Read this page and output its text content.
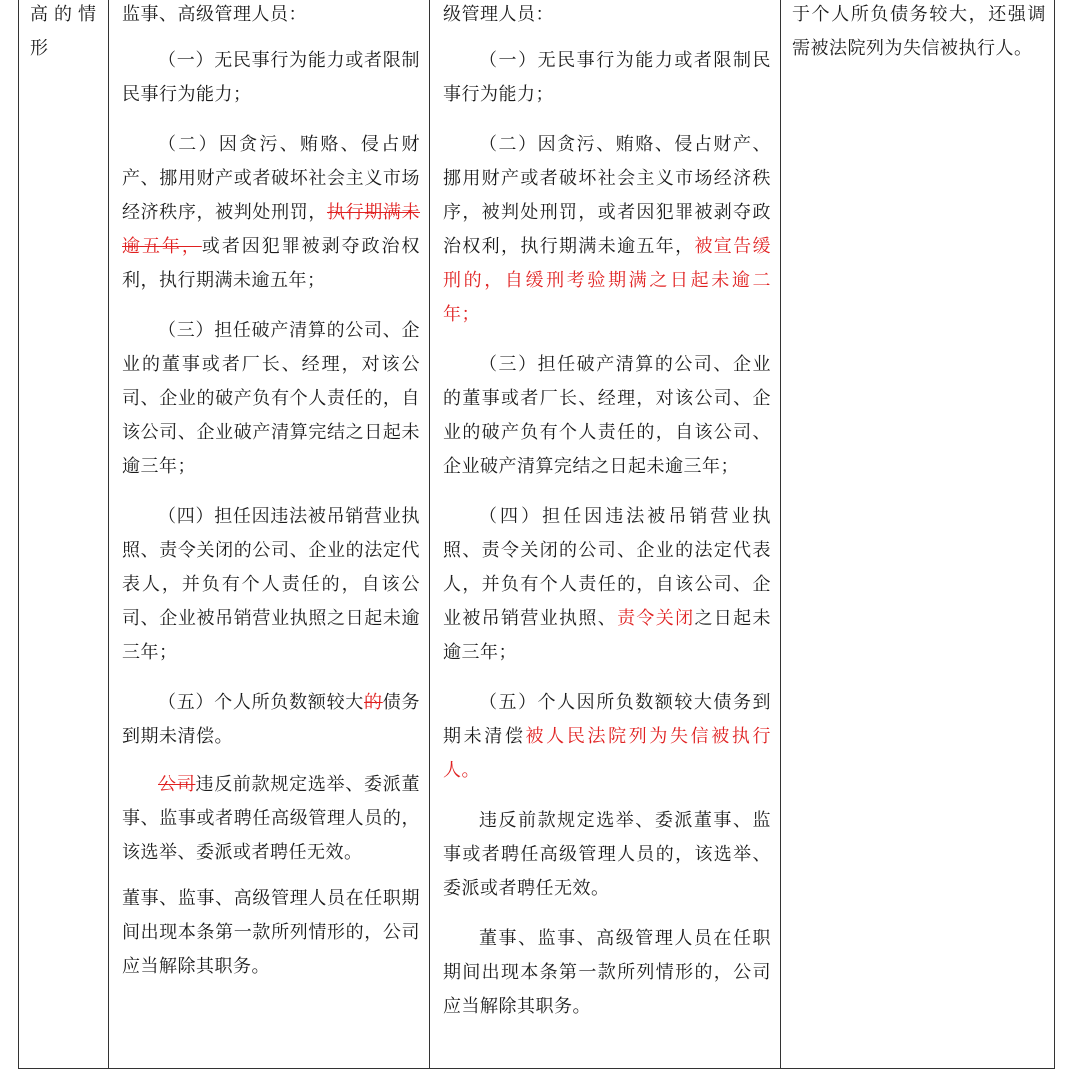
高的情

形

监事、高级管理人员：

（一）无民事行为能力或者限制民事行为能力；

（二）因贪污、贿赂、侵占财产、挪用财产或者破坏社会主义市场经济秩序，被判处刑罚，执行期满未逾五年，或者因犯罪被剥夺政治权利，执行期满未逾五年；

（三）担任破产清算的公司、企业的董事或者厂长、经理，对该公司、企业的破产负有个人责任的，自该公司、企业破产清算完结之日起未逾三年；

（四）担任因违法被吊销营业执照、责令关闭的公司、企业的法定代表人，并负有个人责任的，自该公司、企业被吊销营业执照之日起未逾三年；

（五）个人所负数额较大的债务到期未清偿。

公司违反前款规定选举、委派董事、监事或者聘任高级管理人员的，该选举、委派或者聘任无效。

董事、监事、高级管理人员在任职期间出现本条第一款所列情形的，公司应当解除其职务。

级管理人员：

（一）无民事行为能力或者限制民事行为能力；

（二）因贪污、贿赂、侵占财产、挪用财产或者破坏社会主义市场经济秩序，被判处刑罚，或者因犯罪被剥夺政治权利，执行期满未逾五年，被宣告缓刑的，自缓刑考验期满之日起未逾二年；

（三）担任破产清算的公司、企业的董事或者厂长、经理，对该公司、企业的破产负有个人责任的，自该公司、企业破产清算完结之日起未逾三年；

（四）担任因违法被吊销营业执照、责令关闭的公司、企业的法定代表人，并负有个人责任的，自该公司、企业被吊销营业执照、责令关闭之日起未逾三年；

（五）个人因所负数额较大债务到期未清偿被人民法院列为失信被执行人。

违反前款规定选举、委派董事、监事或者聘任高级管理人员的，该选举、委派或者聘任无效。

董事、监事、高级管理人员在任职期间出现本条第一款所列情形的，公司应当解除其职务。

于个人所负债务较大，还强调需被法院列为失信被执行人。
